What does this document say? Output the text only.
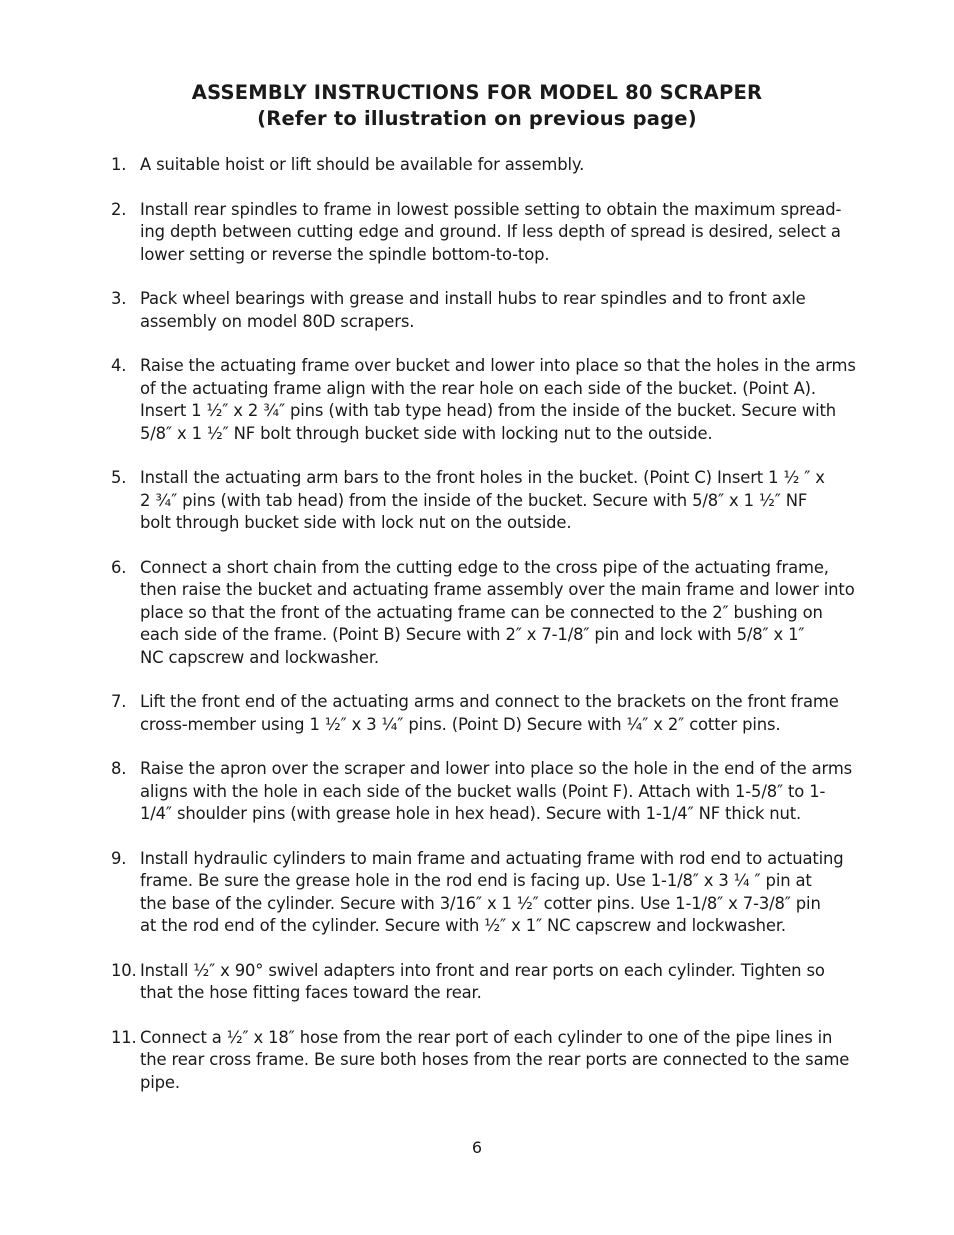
ASSEMBLY INSTRUCTIONS FOR MODEL 80 SCRAPER

(Refer to illustration on previous page)

1. A suitable hoist or lift should be available for assembly.
2. Install rear spindles to frame in lowest possible setting to obtain the maximum spread-
ing depth between cutting edge and ground. If less depth of spread is desired, select a
lower setting or reverse the spindle bottom-to-top.
3. Pack wheel bearings with grease and install hubs to rear spindles and to front axle
assembly on model 80D scrapers.
4. Raise the actuating frame over bucket and lower into place so that the holes in the arms
of the actuating frame align with the rear hole on each side of the bucket. (Point A).
Insert 1 ½″ x 2 ¾″ pins (with tab type head) from the inside of the bucket. Secure with
5/8″ x 1 ½″ NF bolt through bucket side with locking nut to the outside.
5. Install the actuating arm bars to the front holes in the bucket. (Point C) Insert 1 ½ ″ x
2 ¾″ pins (with tab head) from the inside of the bucket. Secure with 5/8″ x 1 ½″ NF
bolt through bucket side with lock nut on the outside.
6. Connect a short chain from the cutting edge to the cross pipe of the actuating frame,
then raise the bucket and actuating frame assembly over the main frame and lower into
place so that the front of the actuating frame can be connected to the 2″ bushing on
each side of the frame. (Point B) Secure with 2″ x 7-1/8″ pin and lock with 5/8″ x 1″
NC capscrew and lockwasher.
7. Lift the front end of the actuating arms and connect to the brackets on the front frame
cross-member using 1 ½″ x 3 ¼″ pins. (Point D) Secure with ¼″ x 2″ cotter pins.
8. Raise the apron over the scraper and lower into place so the hole in the end of the arms
aligns with the hole in each side of the bucket walls (Point F). Attach with 1-5/8″ to 1-
1/4″ shoulder pins (with grease hole in hex head). Secure with 1-1/4″ NF thick nut.
9. Install hydraulic cylinders to main frame and actuating frame with rod end to actuating
frame. Be sure the grease hole in the rod end is facing up. Use 1-1/8″ x 3 ¼ ″ pin at
the base of the cylinder. Secure with 3/16″ x 1 ½″ cotter pins. Use 1-1/8″ x 7-3/8″ pin
at the rod end of the cylinder. Secure with ½″ x 1″ NC capscrew and lockwasher.
10. Install ½″ x 90° swivel adapters into front and rear ports on each cylinder. Tighten so
that the hose fitting faces toward the rear.
11. Connect a ½″ x 18″ hose from the rear port of each cylinder to one of the pipe lines in
the rear cross frame. Be sure both hoses from the rear ports are connected to the same
pipe.
6
